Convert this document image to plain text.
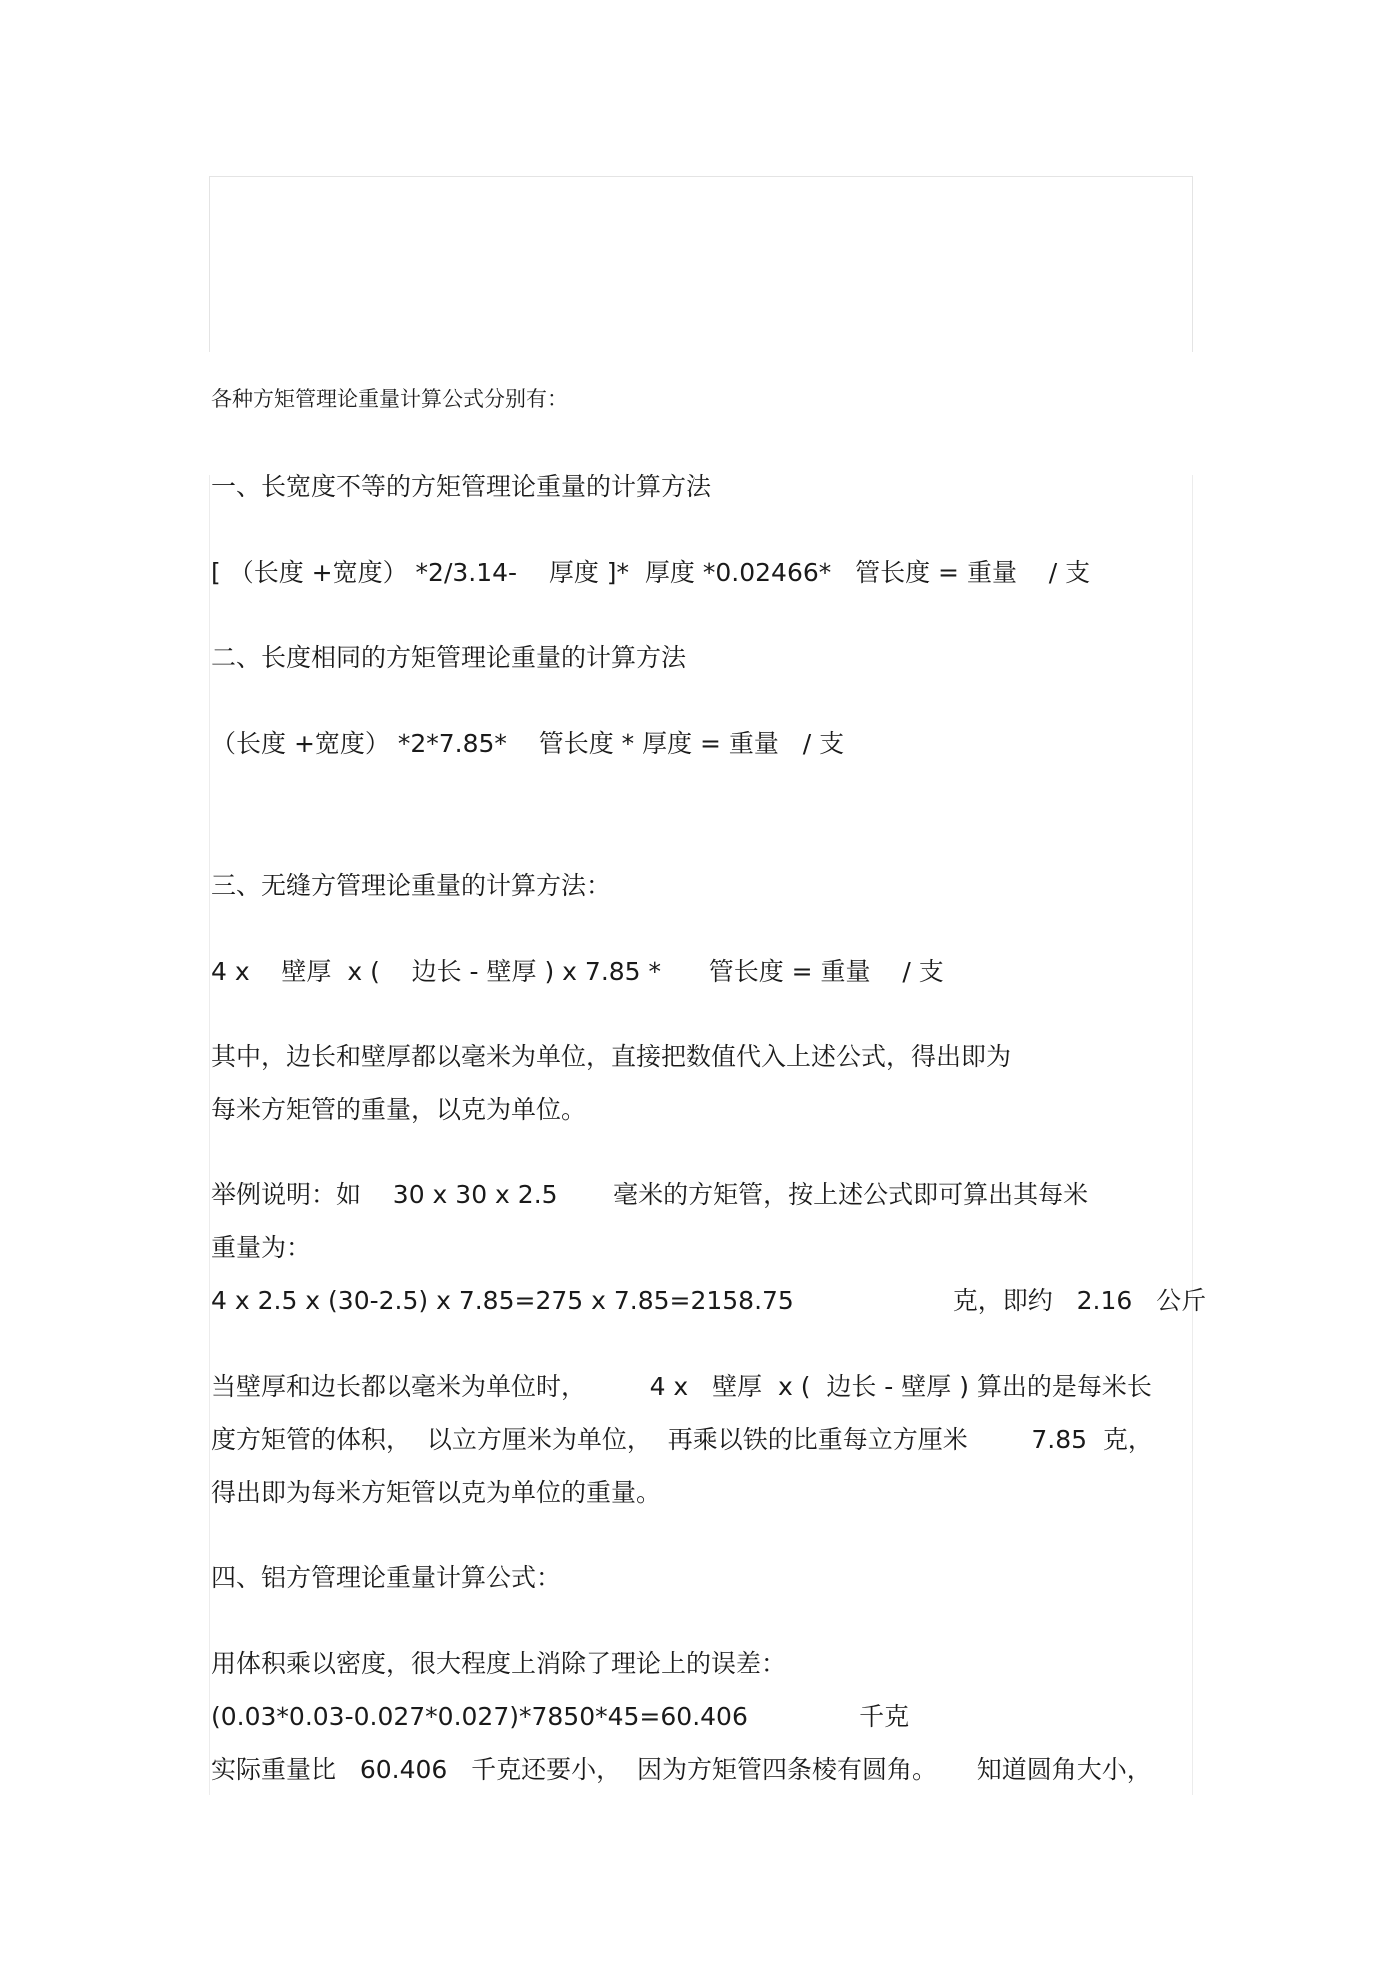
各种方矩管理论重量计算公式分别有：
一、长宽度不等的方矩管理论重量的计算方法
[ （长度 +宽度） *2/3.14-    厚度 ]*  厚度 *0.02466*   管长度 = 重量    / 支
二、长度相同的方矩管理论重量的计算方法
（长度 +宽度） *2*7.85*    管长度 * 厚度 = 重量   / 支
三、无缝方管理论重量的计算方法：
4 x    壁厚  x (    边长 - 壁厚 ) x 7.85 *      管长度 = 重量    / 支
其中，边长和壁厚都以毫米为单位，直接把数值代入上述公式，得出即为
每米方矩管的重量，以克为单位。
举例说明：如    30 x 30 x 2.5       毫米的方矩管，按上述公式即可算出其每米
重量为：
4 x 2.5 x (30-2.5) x 7.85=275 x 7.85=2158.75                    克，即约   2.16   公斤
当壁厚和边长都以毫米为单位时，        4 x   壁厚  x (  边长 - 壁厚 ) 算出的是每米长
度方矩管的体积，  以立方厘米为单位，  再乘以铁的比重每立方厘米        7.85  克，
得出即为每米方矩管以克为单位的重量。
四、铝方管理论重量计算公式：
用体积乘以密度，很大程度上消除了理论上的误差：
(0.03*0.03-0.027*0.027)*7850*45=60.406              千克
实际重量比   60.406   千克还要小，  因为方矩管四条棱有圆角。     知道圆角大小，
